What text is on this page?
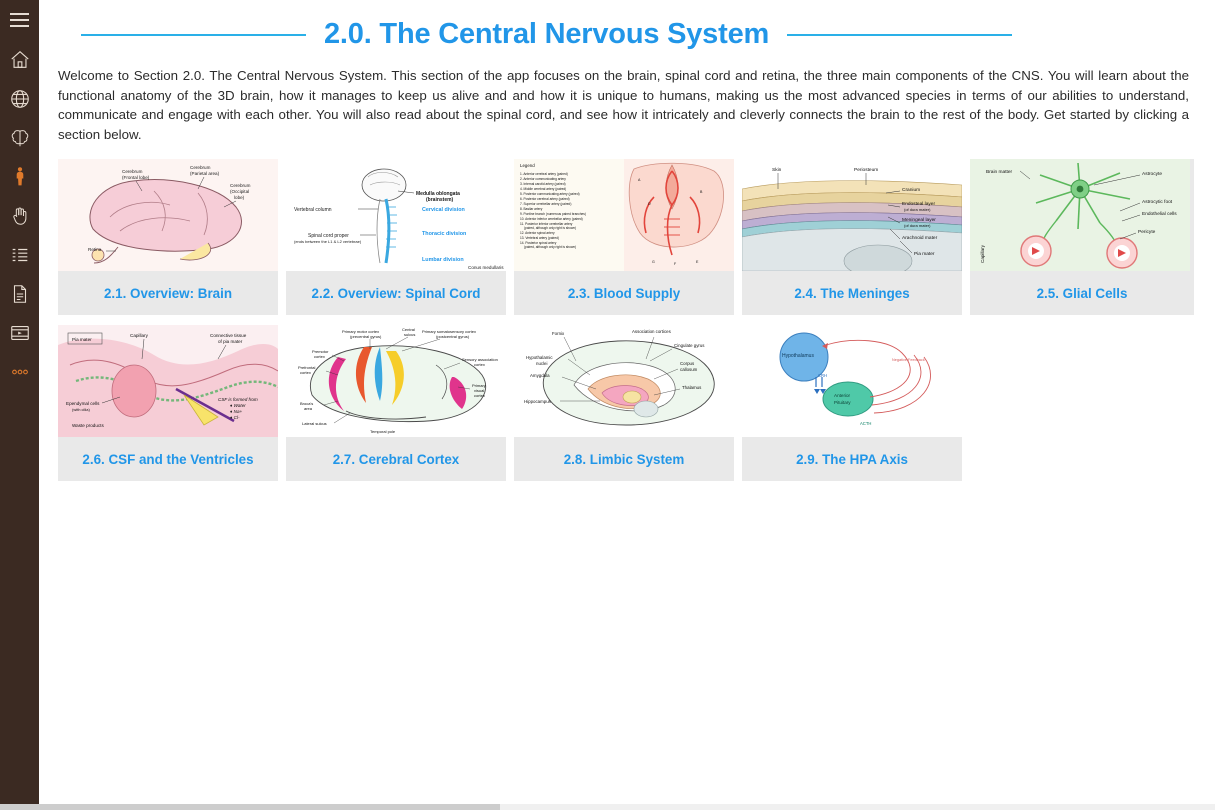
2.0. The Central Nervous System

Welcome to Section 2.0. The Central Nervous System. This section of the app focuses on the brain, spinal cord and retina, the three main components of the CNS. You will learn about the functional anatomy of the 3D brain, how it manages to keep us alive and and how it is unique to humans, making us the most advanced species in terms of our abilities to understand, communicate and engage with each other. You will also read about the spinal cord, and see how it intricately and cleverly connects the brain to the rest of the body. Get started by clicking a section below.

Cerebrum
(Frontal lobe)
Cerebrum
(Parietal area)
Cerebrum
(Occipital
lobe)
Retina
2.1. Overview: Brain
Medulla oblongata
(brainstem)
Vertebral column
Spinal cord proper
(ends between the L1 & L2 vertebrae)
Conus medullaris
Cervical division
Thoracic division
Lumbar division
2.2. Overview: Spinal Cord
Legend
1. Anterior cerebral artery (paired)
2. Anterior communicating artery
3. Internal carotid artery (paired)
4. Middle cerebral artery (paired)
5. Posterior communicating artery (paired)
6. Posterior cerebral artery (paired)
7. Superior cerebellar artery (paired)
8. Basilar artery
9. Pontine branch (numerous paired branches)
10. Anterior inferior cerebellar artery (paired)
11. Posterior inferior cerebellar artery
(paired, although only right is shown)
12. Anterior spinal artery
13. Vertebral artery (paired)
14. Posterior spinal artery
(paired, although only right is shown)
A
D
B
G	F	E
2.3. Blood Supply
Skin	Periosteum
Cranium
Endosteal layer
(of dura mater)
Meningeal layer
(of dura mater)
Arachnoid mater
Pia mater
2.4. The Meninges
Brain matter	Astrocyte
Astrocytic foot
Endothelial cells
Pericyte
Capillary
2.5. Glial Cells
Pia mater
Capillary	Connective tissue
of pia mater
Ependymal cells
(with cilia)
Waste products
CSF is formed from
♦ Water
♦ Na+
♦ Cl-
2.6. CSF and the Ventricles
Primary motor cortex
(precentral gyrus)
Central
sulcus
Primary somatosensory cortex
(postcentral gyrus)
Premotor
cortex
Prefrontal
cortex
Sensory association
cortex
Primary
visual
cortex
Broca's
area
Lateral sulcus
Temporal pole
2.7. Cerebral Cortex
Fornix	Association cortices
Cingulate gyrus
Hypothalamic
nuclei	Corpus
callosum
Amygdala
Thalamus
Hippocampus
2.8. Limbic System
Hypothalamus
Anterior
Pituitary
CRH
ACTH
Negative Feedback
2.9. The HPA Axis
